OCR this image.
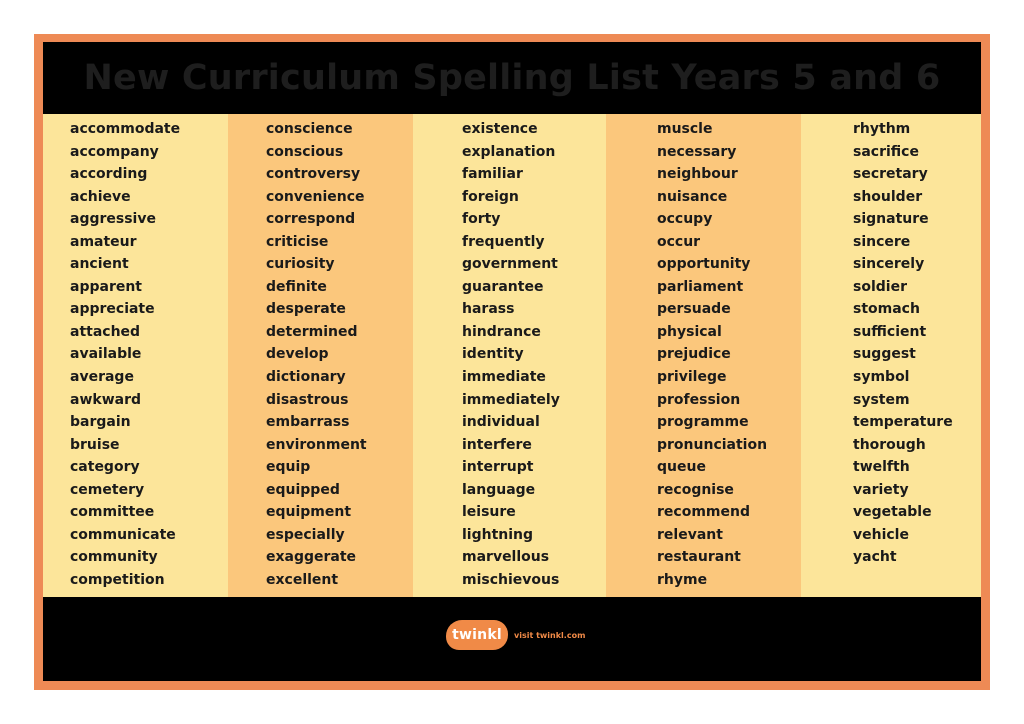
New Curriculum Spelling List Years 5 and 6
accommodate
accompany
according
achieve
aggressive
amateur
ancient
apparent
appreciate
attached
available
average
awkward
bargain
bruise
category
cemetery
committee
communicate
community
competition
conscience
conscious
controversy
convenience
correspond
criticise
curiosity
definite
desperate
determined
develop
dictionary
disastrous
embarrass
environment
equip
equipped
equipment
especially
exaggerate
excellent
existence
explanation
familiar
foreign
forty
frequently
government
guarantee
harass
hindrance
identity
immediate
immediately
individual
interfere
interrupt
language
leisure
lightning
marvellous
mischievous
muscle
necessary
neighbour
nuisance
occupy
occur
opportunity
parliament
persuade
physical
prejudice
privilege
profession
programme
pronunciation
queue
recognise
recommend
relevant
restaurant
rhyme
rhythm
sacrifice
secretary
shoulder
signature
sincere
sincerely
soldier
stomach
sufficient
suggest
symbol
system
temperature
thorough
twelfth
variety
vegetable
vehicle
yacht
twinkl	visit twinkl.com
